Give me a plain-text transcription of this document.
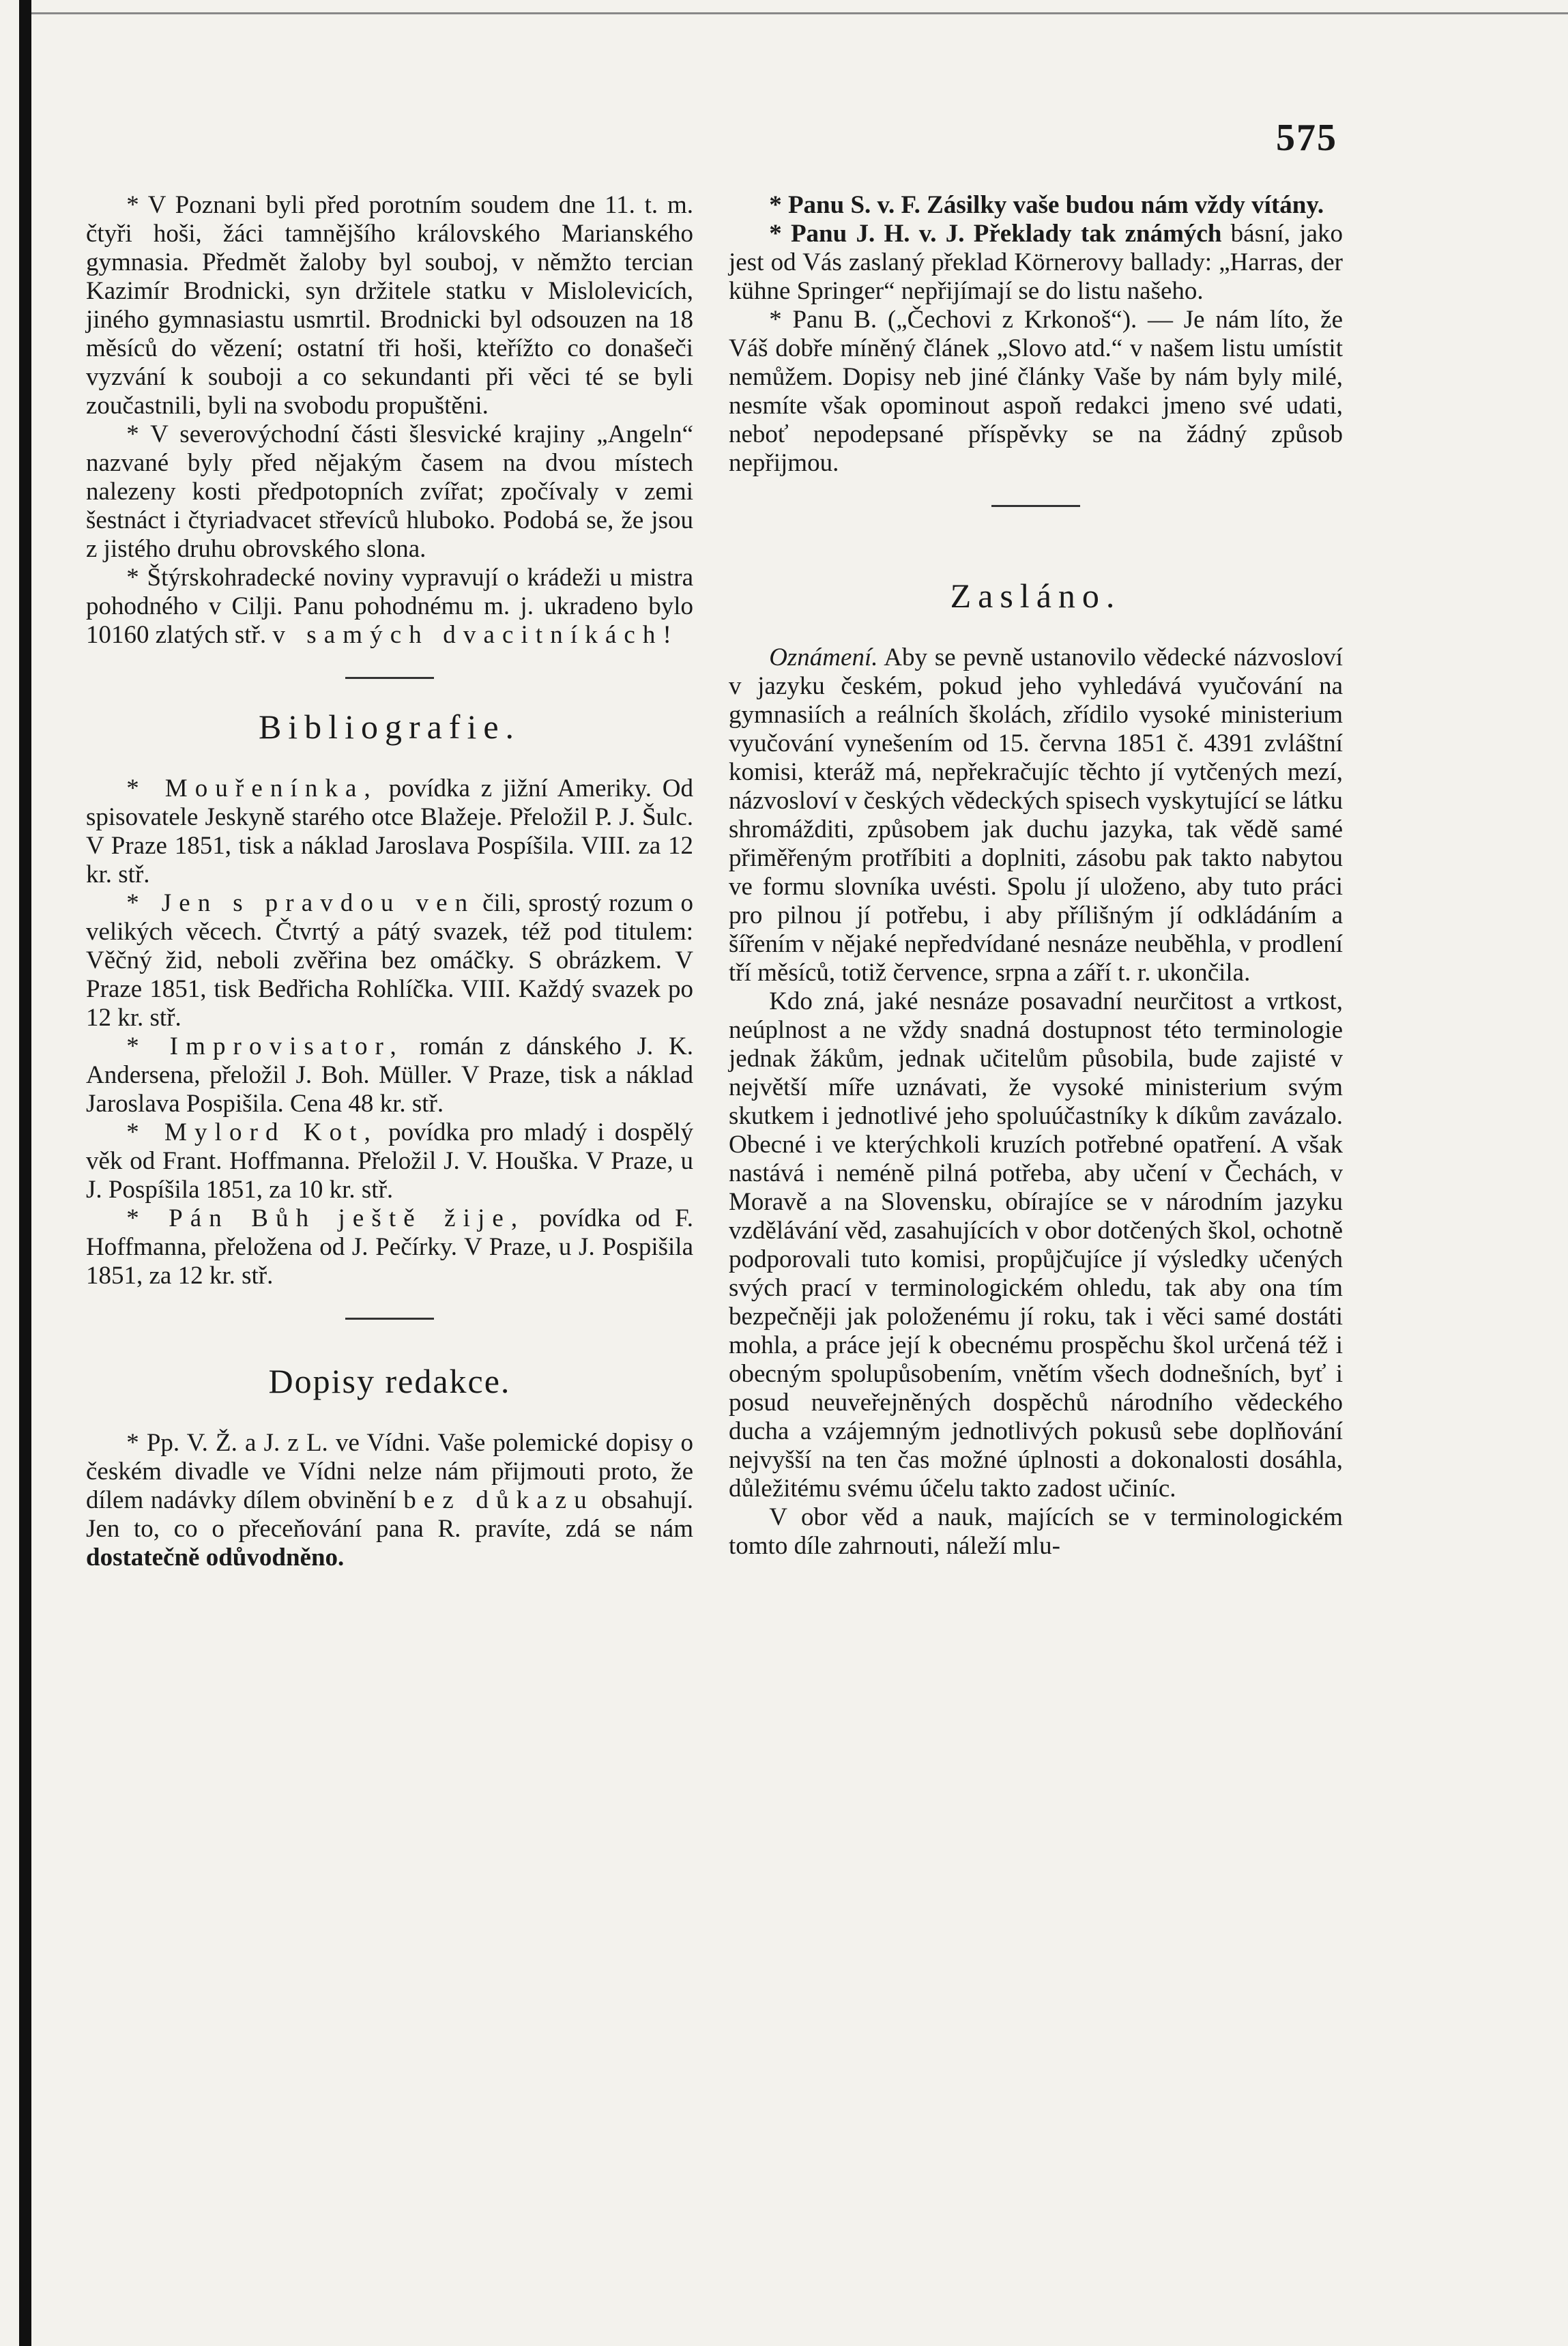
575

* V Poznani byli před porotním soudem dne 11. t. m. čtyři hoši, žáci tamnějšího královského Marianského gymnasia. Předmět žaloby byl souboj, v němžto tercian Kazimír Brodnicki, syn držitele statku v Mislolevicích, jiného gymnasiastu usmrtil. Brodnicki byl odsouzen na 18 měsíců do vězení; ostatní tři hoši, kteřížto co donašeči vyzvání k souboji a co sekundanti při věci té se byli zoučastnili, byli na svobodu propuštěni.

* V severovýchodní části šlesvické krajiny „Angeln“ nazvané byly před nějakým časem na dvou místech nalezeny kosti předpotopních zvířat; zpočívaly v zemi šestnáct i čtyriadvacet střevíců hluboko. Podobá se, že jsou z jistého druhu obrovského slona.

* Štýrskohradecké noviny vypravují o krádeži u mistra pohodného v Cilji. Panu pohodnému m. j. ukradeno bylo 10160 zlatých stř. v samých dvacitníkách!

Bibliografie.

* Mouřenínka, povídka z jižní Ameriky. Od spisovatele Jeskyně starého otce Blažeje. Přeložil P. J. Šulc. V Praze 1851, tisk a náklad Jaroslava Pospíšila. VIII. za 12 kr. stř.

* Jen s pravdou ven čili, sprostý rozum o velikých věcech. Čtvrtý a pátý svazek, též pod titulem: Věčný žid, neboli zvěřina bez omáčky. S obrázkem. V Praze 1851, tisk Bedřicha Rohlíčka. VIII. Každý svazek po 12 kr. stř.

* Improvisator, román z dánského J. K. Andersena, přeložil J. Boh. Müller. V Praze, tisk a náklad Jaroslava Pospišila. Cena 48 kr. stř.

* Mylord Kot, povídka pro mladý i dospělý věk od Frant. Hoffmanna. Přeložil J. V. Houška. V Praze, u J. Pospíšila 1851, za 10 kr. stř.

* Pán Bůh ještě žije, povídka od F. Hoffmanna, přeložena od J. Pečírky. V Praze, u J. Pospišila 1851, za 12 kr. stř.

Dopisy redakce.

* Pp. V. Ž. a J. z L. ve Vídni. Vaše polemické dopisy o českém divadle ve Vídni nelze nám přijmouti proto, že dílem nadávky dílem obvinění bez důkazu obsahují. Jen to, co o přeceňování pana R. pravíte, zdá se nám dostatečně odůvodněno.

* Panu S. v. F. Zásilky vaše budou nám vždy vítány.

* Panu J. H. v. J. Překlady tak známých básní, jako jest od Vás zaslaný překlad Körnerovy ballady: „Harras, der kühne Springer“ nepřijímají se do listu našeho.

* Panu B. („Čechovi z Krkonoš“). — Je nám líto, že Váš dobře míněný článek „Slovo atd.“ v našem listu umístit nemůžem. Dopisy neb jiné články Vaše by nám byly milé, nesmíte však opominout aspoň redakci jmeno své udati, neboť nepodepsané příspěvky se na žádný způsob nepřijmou.

Zasláno.

Oznámení. Aby se pevně ustanovilo vědecké názvosloví v jazyku českém, pokud jeho vyhledává vyučování na gymnasiích a reálních školách, zřídilo vysoké ministerium vyučování vynešením od 15. června 1851 č. 4391 zvláštní komisi, kteráž má, nepřekračujíc těchto jí vytčených mezí, názvosloví v českých vědeckých spisech vyskytující se látku shromážditi, způsobem jak duchu jazyka, tak vědě samé přiměřeným protříbiti a doplniti, zásobu pak takto nabytou ve formu slovníka uvésti. Spolu jí uloženo, aby tuto práci pro pilnou jí potřebu, i aby přílišným jí odkládáním a šířením v nějaké nepředvídané nesnáze neuběhla, v prodlení tří měsíců, totiž července, srpna a září t. r. ukončila.

Kdo zná, jaké nesnáze posavadní neurčitost a vrtkost, neúplnost a ne vždy snadná dostupnost této terminologie jednak žákům, jednak učitelům působila, bude zajisté v největší míře uznávati, že vysoké ministerium svým skutkem i jednotlivé jeho spoluúčastníky k díkům zavázalo. Obecné i ve kterýchkoli kruzích potřebné opatření. A však nastává i neméně pilná potřeba, aby učení v Čechách, v Moravě a na Slovensku, obírajíce se v národním jazyku vzdělávání věd, zasahujících v obor dotčených škol, ochotně podporovali tuto komisi, propůjčujíce jí výsledky učených svých prací v terminologickém ohledu, tak aby ona tím bezpečněji jak položenému jí roku, tak i věci samé dostáti mohla, a práce její k obecnému prospěchu škol určená též i obecným spolupůsobením, vnětím všech dodnešních, byť i posud neuveřejněných dospěchů národního vědeckého ducha a vzájemným jednotlivých pokusů sebe doplňování nejvyšší na ten čas možné úplnosti a dokonalosti dosáhla, důležitému svému účelu takto zadost učiníc.

V obor věd a nauk, majících se v terminologickém tomto díle zahrnouti, náleží mlu-
